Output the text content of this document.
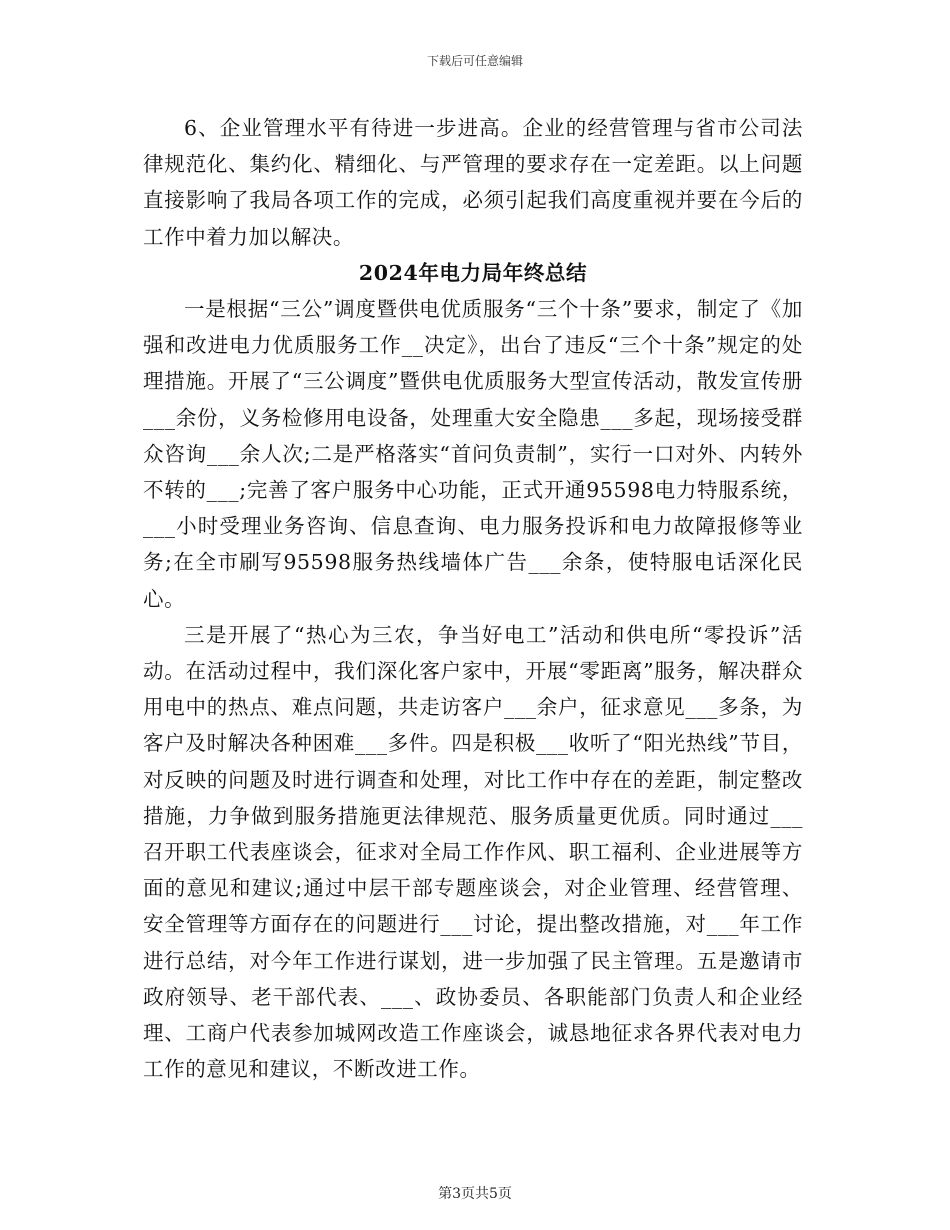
下载后可任意编辑

6、企业管理水平有待进一步进高。企业的经营管理与省市公司法律规范化、集约化、精细化、与严管理的要求存在一定差距。以上问题直接影响了我局各项工作的完成，必须引起我们高度重视并要在今后的工作中着力加以解决。

2024年电力局年终总结

一是根据“三公”调度暨供电优质服务“三个十条”要求，制定了《加强和改进电力优质服务工作__决定》，出台了违反“三个十条”规定的处理措施。开展了“三公调度”暨供电优质服务大型宣传活动，散发宣传册___余份，义务检修用电设备，处理重大安全隐患___多起，现场接受群众咨询___余人次;二是严格落实“首问负责制”，实行一口对外、内转外不转的___;完善了客户服务中心功能，正式开通95598电力特服系统，___小时受理业务咨询、信息查询、电力服务投诉和电力故障报修等业务;在全市刷写95598服务热线墙体广告___余条，使特服电话深化民心。

三是开展了“热心为三农，争当好电工”活动和供电所“零投诉”活动。在活动过程中，我们深化客户家中，开展“零距离”服务，解决群众用电中的热点、难点问题，共走访客户___余户，征求意见___多条，为客户及时解决各种困难___多件。四是积极___收听了“阳光热线”节目，对反映的问题及时进行调查和处理，对比工作中存在的差距，制定整改措施，力争做到服务措施更法律规范、服务质量更优质。同时通过___召开职工代表座谈会，征求对全局工作作风、职工福利、企业进展等方面的意见和建议;通过中层干部专题座谈会，对企业管理、经营管理、安全管理等方面存在的问题进行___讨论，提出整改措施，对___年工作进行总结，对今年工作进行谋划，进一步加强了民主管理。五是邀请市政府领导、老干部代表、___、政协委员、各职能部门负责人和企业经理、工商户代表参加城网改造工作座谈会，诚恳地征求各界代表对电力工作的意见和建议，不断改进工作。

第3页共5页
